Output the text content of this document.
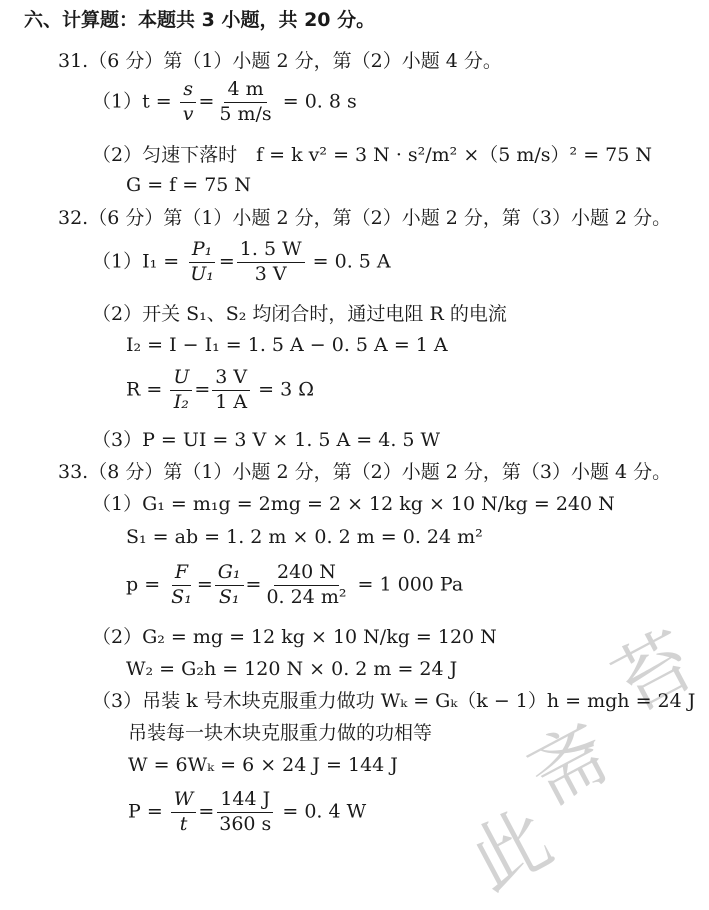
苔
斋
此
六、计算题：本题共 3 小题，共 20 分。
31.（6 分）第（1）小题 2 分，第（2）小题 4 分。
$(1)t = \frac{s}{v} = \frac{4 m}{5 m/s} = 0$. 8 s
（2）匀速下落时　f = k v² = 3 N · s²/m² ×（5 m/s）² = 75 N
G = f = 75 N
32.（6 分）第（1）小题 2 分，第（2）小题 2 分，第（3）小题 2 分。
$(1)I_1 = \frac{\text{P₁}}{\text{U₁}} = \frac{1. 5 W}{3 V} = 0$. 5 A
（2）开关 S₁、S₂ 均闭合时，通过电阻 R 的电流
I₂ = I − I₁ = 1. 5 A − 0. 5 A = 1 A
$R = \frac{U}{\text{I₂}} = \frac{3 V}{1 A} = 3$ Ω
（3）P = UI = 3 V × 1. 5 A = 4. 5 W
33.（8 分）第（1）小题 2 分，第（2）小题 2 分，第（3）小题 4 分。
（1）G₁ = m₁g = 2mg = 2 × 12 kg × 10 N/kg = 240 N
S₁ = ab = 1. 2 m × 0. 2 m = 0. 24 m²
$p = \frac{F}{\text{S₁}} = \frac{\text{G₁}}{\text{S₁}} = \frac{240 N}{\text{0. 24 m²}} = 1$ 000 Pa
（2）G₂ = mg = 12 kg × 10 N/kg = 120 N
W₂ = G₂h = 120 N × 0. 2 m = 24 J
（3）吊装 k 号木块克服重力做功 Wₖ = Gₖ（k − 1）h = mgh = 24 J
吊装每一块木块克服重力做的功相等
W = 6Wₖ = 6 × 24 J = 144 J
$P = \frac{W}{t} = \frac{144 J}{360 s} = 0$. 4 W
